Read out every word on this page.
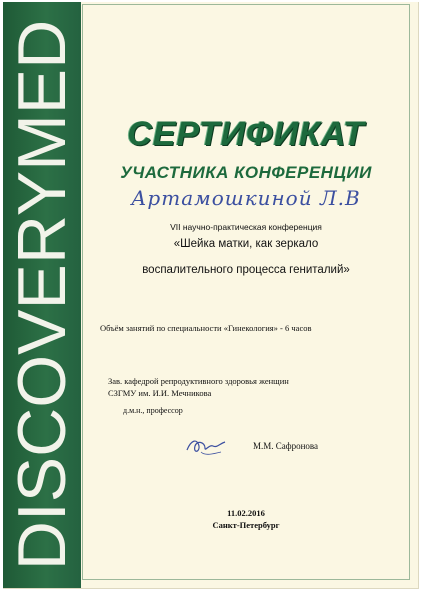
DISCOVERYMED	СЕРТИФИКАТ
УЧАСТНИКА КОНФЕРЕНЦИИ
Артамошкиной Л.В
VII научно-практическая конференция
«Шейка матки, как зеркало
воспалительного процесса гениталий»
Объём занятий по специальности «Гинекология» - 6 часов
Зав. кафедрой репродуктивного здоровья женщин
СЗГМУ им. И.И. Мечникова
д.м.н., профессор
М.М. Сафронова
11.02.2016
Санкт-Петербург
